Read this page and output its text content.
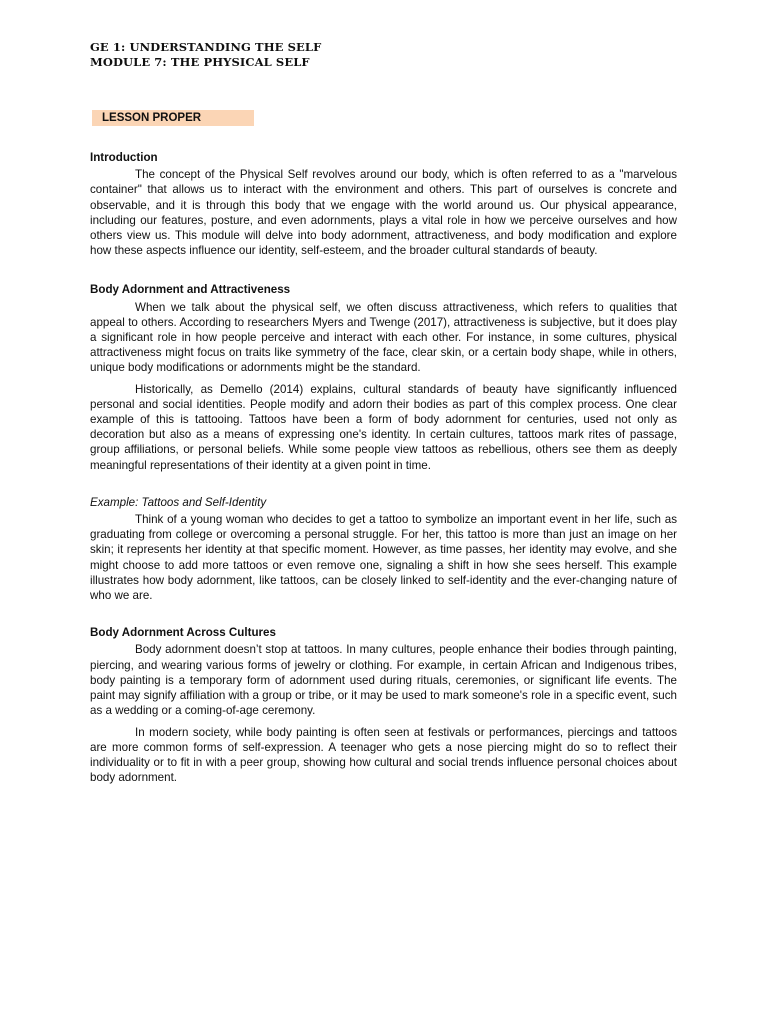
GE 1: UNDERSTANDING THE SELF
MODULE 7: THE PHYSICAL SELF
LESSON PROPER
Introduction

The concept of the Physical Self revolves around our body, which is often referred to as a "marvelous container" that allows us to interact with the environment and others. This part of ourselves is concrete and observable, and it is through this body that we engage with the world around us. Our physical appearance, including our features, posture, and even adornments, plays a vital role in how we perceive ourselves and how others view us. This module will delve into body adornment, attractiveness, and body modification and explore how these aspects influence our identity, self-esteem, and the broader cultural standards of beauty.

Body Adornment and Attractiveness

When we talk about the physical self, we often discuss attractiveness, which refers to qualities that appeal to others. According to researchers Myers and Twenge (2017), attractiveness is subjective, but it does play a significant role in how people perceive and interact with each other. For instance, in some cultures, physical attractiveness might focus on traits like symmetry of the face, clear skin, or a certain body shape, while in others, unique body modifications or adornments might be the standard.

Historically, as Demello (2014) explains, cultural standards of beauty have significantly influenced personal and social identities. People modify and adorn their bodies as part of this complex process. One clear example of this is tattooing. Tattoos have been a form of body adornment for centuries, used not only as decoration but also as a means of expressing one's identity. In certain cultures, tattoos mark rites of passage, group affiliations, or personal beliefs. While some people view tattoos as rebellious, others see them as deeply meaningful representations of their identity at a given point in time.

Example: Tattoos and Self-Identity

Think of a young woman who decides to get a tattoo to symbolize an important event in her life, such as graduating from college or overcoming a personal struggle. For her, this tattoo is more than just an image on her skin; it represents her identity at that specific moment. However, as time passes, her identity may evolve, and she might choose to add more tattoos or even remove one, signaling a shift in how she sees herself. This example illustrates how body adornment, like tattoos, can be closely linked to self-identity and the ever-changing nature of who we are.

Body Adornment Across Cultures

Body adornment doesn’t stop at tattoos. In many cultures, people enhance their bodies through painting, piercing, and wearing various forms of jewelry or clothing. For example, in certain African and Indigenous tribes, body painting is a temporary form of adornment used during rituals, ceremonies, or significant life events. The paint may signify affiliation with a group or tribe, or it may be used to mark someone's role in a specific event, such as a wedding or a coming-of-age ceremony.

In modern society, while body painting is often seen at festivals or performances, piercings and tattoos are more common forms of self-expression. A teenager who gets a nose piercing might do so to reflect their individuality or to fit in with a peer group, showing how cultural and social trends influence personal choices about body adornment.
